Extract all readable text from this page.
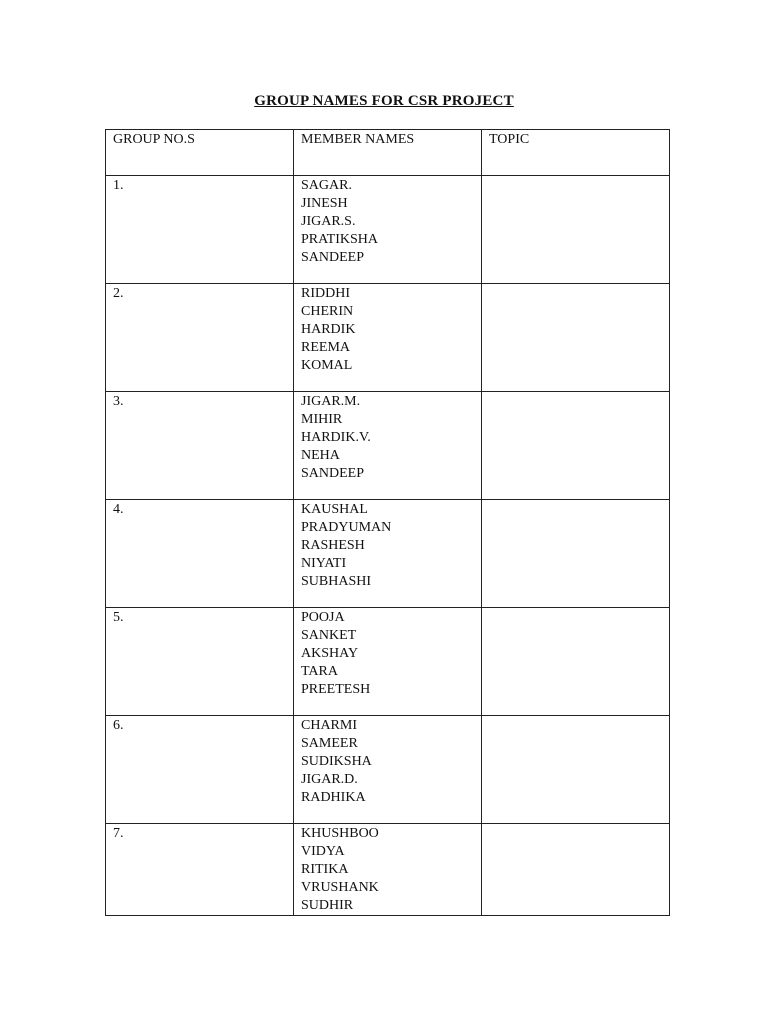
GROUP NAMES FOR CSR PROJECT
GROUP NO.S	MEMBER NAMES	TOPIC

1.	SAGAR.
JINESH
JIGAR.S.
PRATIKSHA
SANDEEP	

2.	RIDDHI
CHERIN
HARDIK
REEMA
KOMAL	

3.	JIGAR.M.
MIHIR
HARDIK.V.
NEHA
SANDEEP	

4.	KAUSHAL
PRADYUMAN
RASHESH
NIYATI
SUBHASHI	

5.	POOJA
SANKET
AKSHAY
TARA
PREETESH	

6.	CHARMI
SAMEER
SUDIKSHA
JIGAR.D.
RADHIKA	

7.	KHUSHBOO
VIDYA
RITIKA
VRUSHANK
SUDHIR	
